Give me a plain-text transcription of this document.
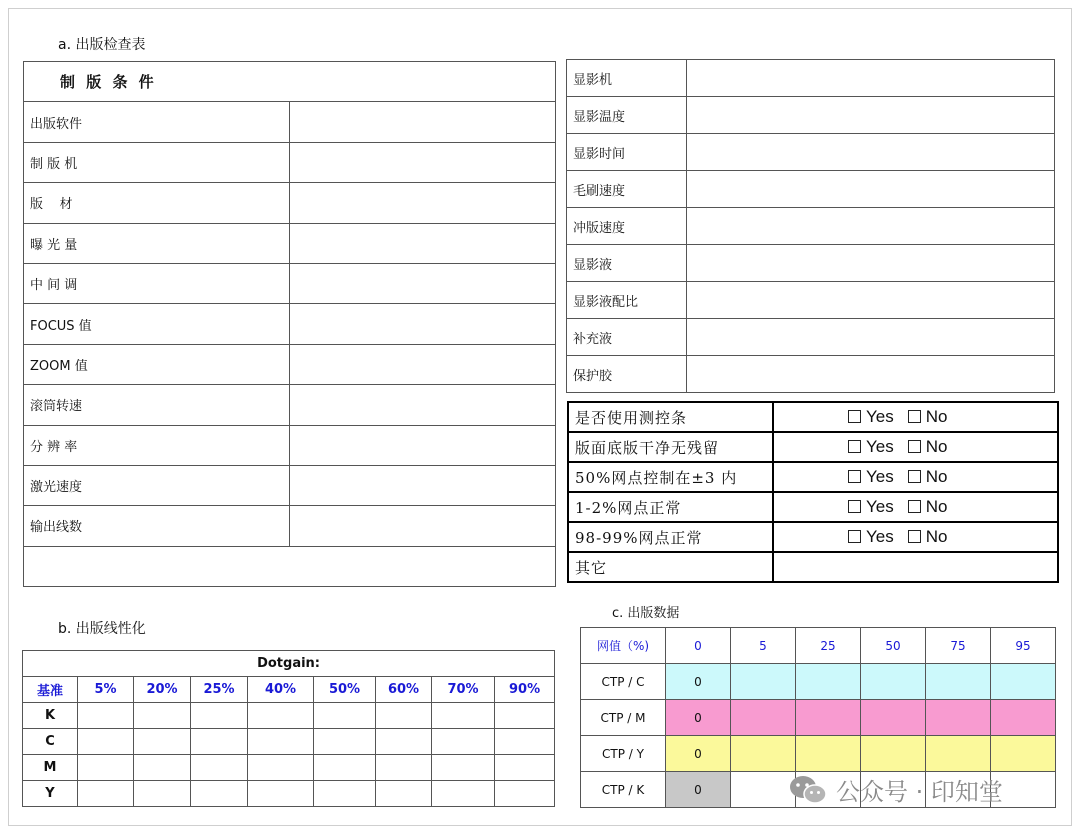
a. 出版检查表
制 版 条 件	
出版软件	
制 版 机	
版    材	
曝 光 量	
中 间 调	
FOCUS 值	
ZOOM 值	
滚筒转速	
分 辨 率	
激光速度	
输出线数	

显影机	
显影温度	
显影时间	
毛刷速度	
冲版速度	
显影液	
显影液配比	
补充液	
保护胶	
是否使用测控条	Yes No
版面底版干净无残留	Yes No
50%网点控制在±3 内	Yes No
1-2%网点正常	Yes No
98-99%网点正常	Yes No
其它	
b. 出版线性化
Dotgain:								
基准	5%	20%	25%	40%	50%	60%	70%	90%
K								
C								
M								
Y								
c. 出版数据
网值（%)	0	5	25	50	75	95
CTP / C	0					
CTP / M	0					
CTP / Y	0					
CTP / K	0						公众号 · 印知堂
